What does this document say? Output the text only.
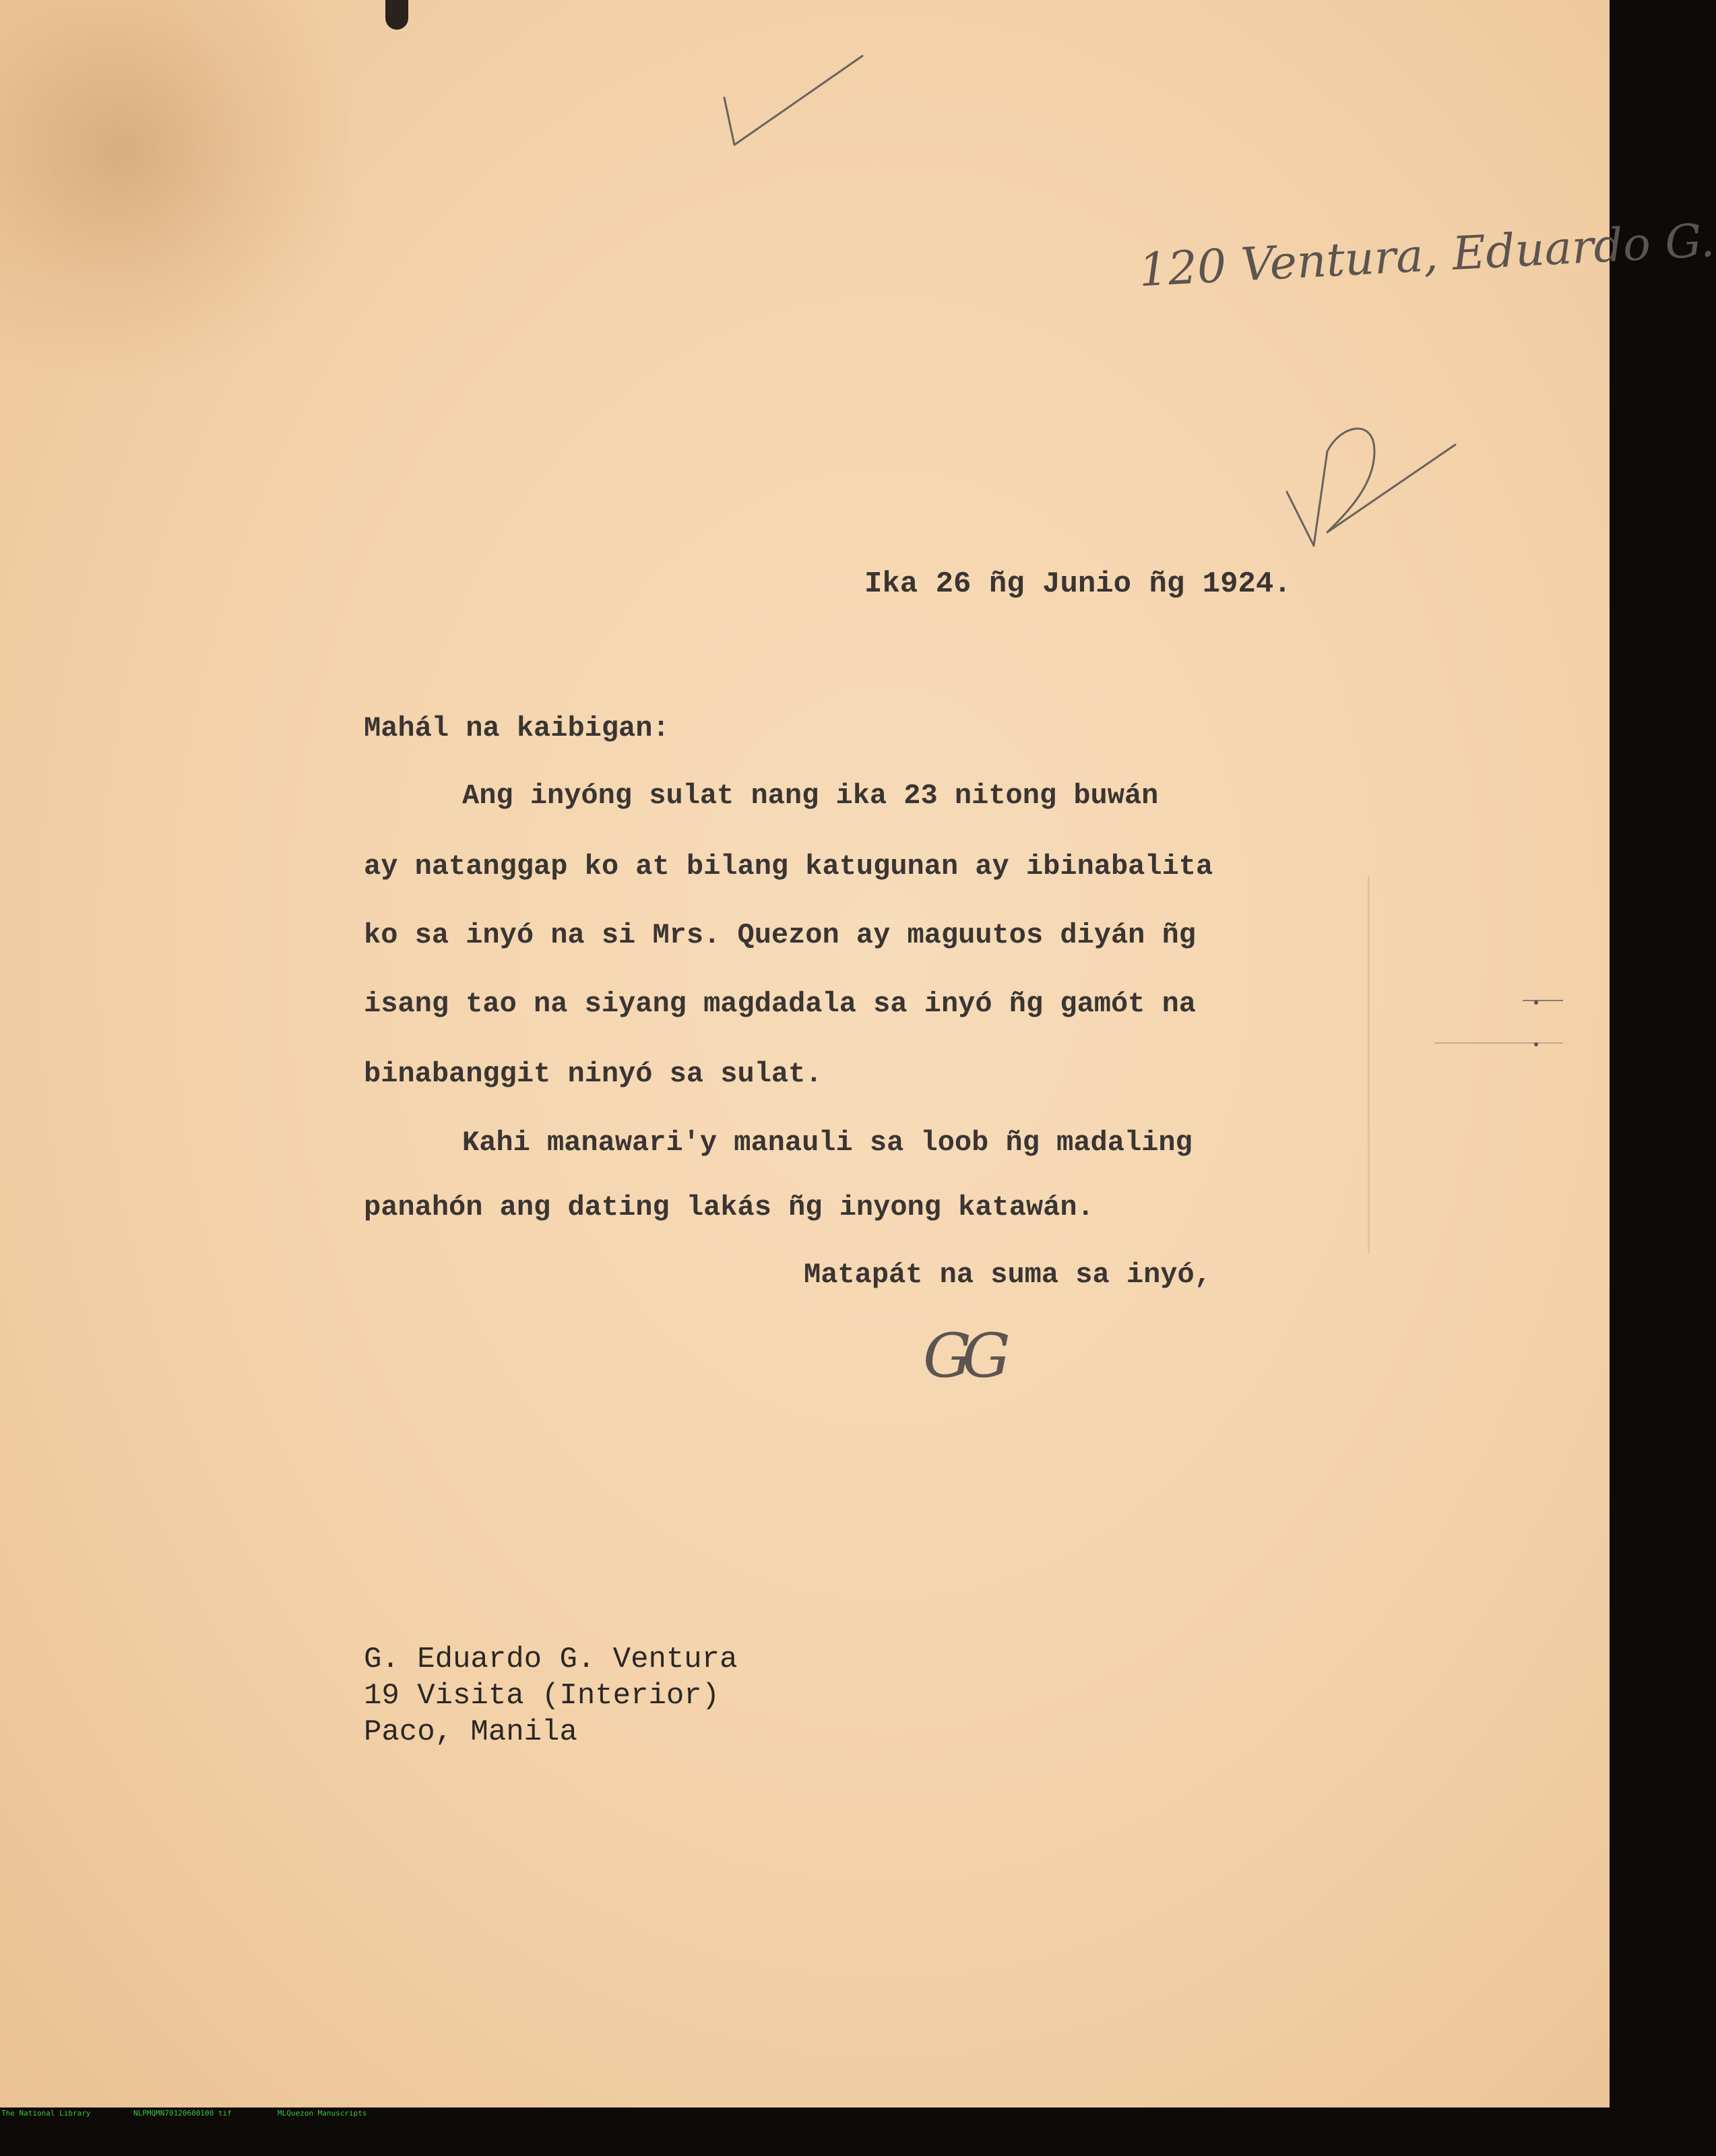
120 Ventura, Eduardo G.
Ika 26 ñg Junio ñg 1924.
Mahál na kaibigan:
Ang inyóng sulat nang ika 23 nitong buwán
ay natanggap ko at bilang katugunan ay ibinabalita
ko sa inyó na si Mrs. Quezon ay maguutos diyán ñg
isang tao na siyang magdadala sa inyó ñg gamót na
binabanggit ninyó sa sulat.
Kahi manawari'y manauli sa loob ñg madaling
panahón ang dating lakás ñg inyong katawán.
Matapát na suma sa inyó,
GG
G. Eduardo G. Ventura
19 Visita (Interior)
Paco, Manila

The National Library

	NLPMQMN70120600100 tif

	MLQuezon Manuscripts
